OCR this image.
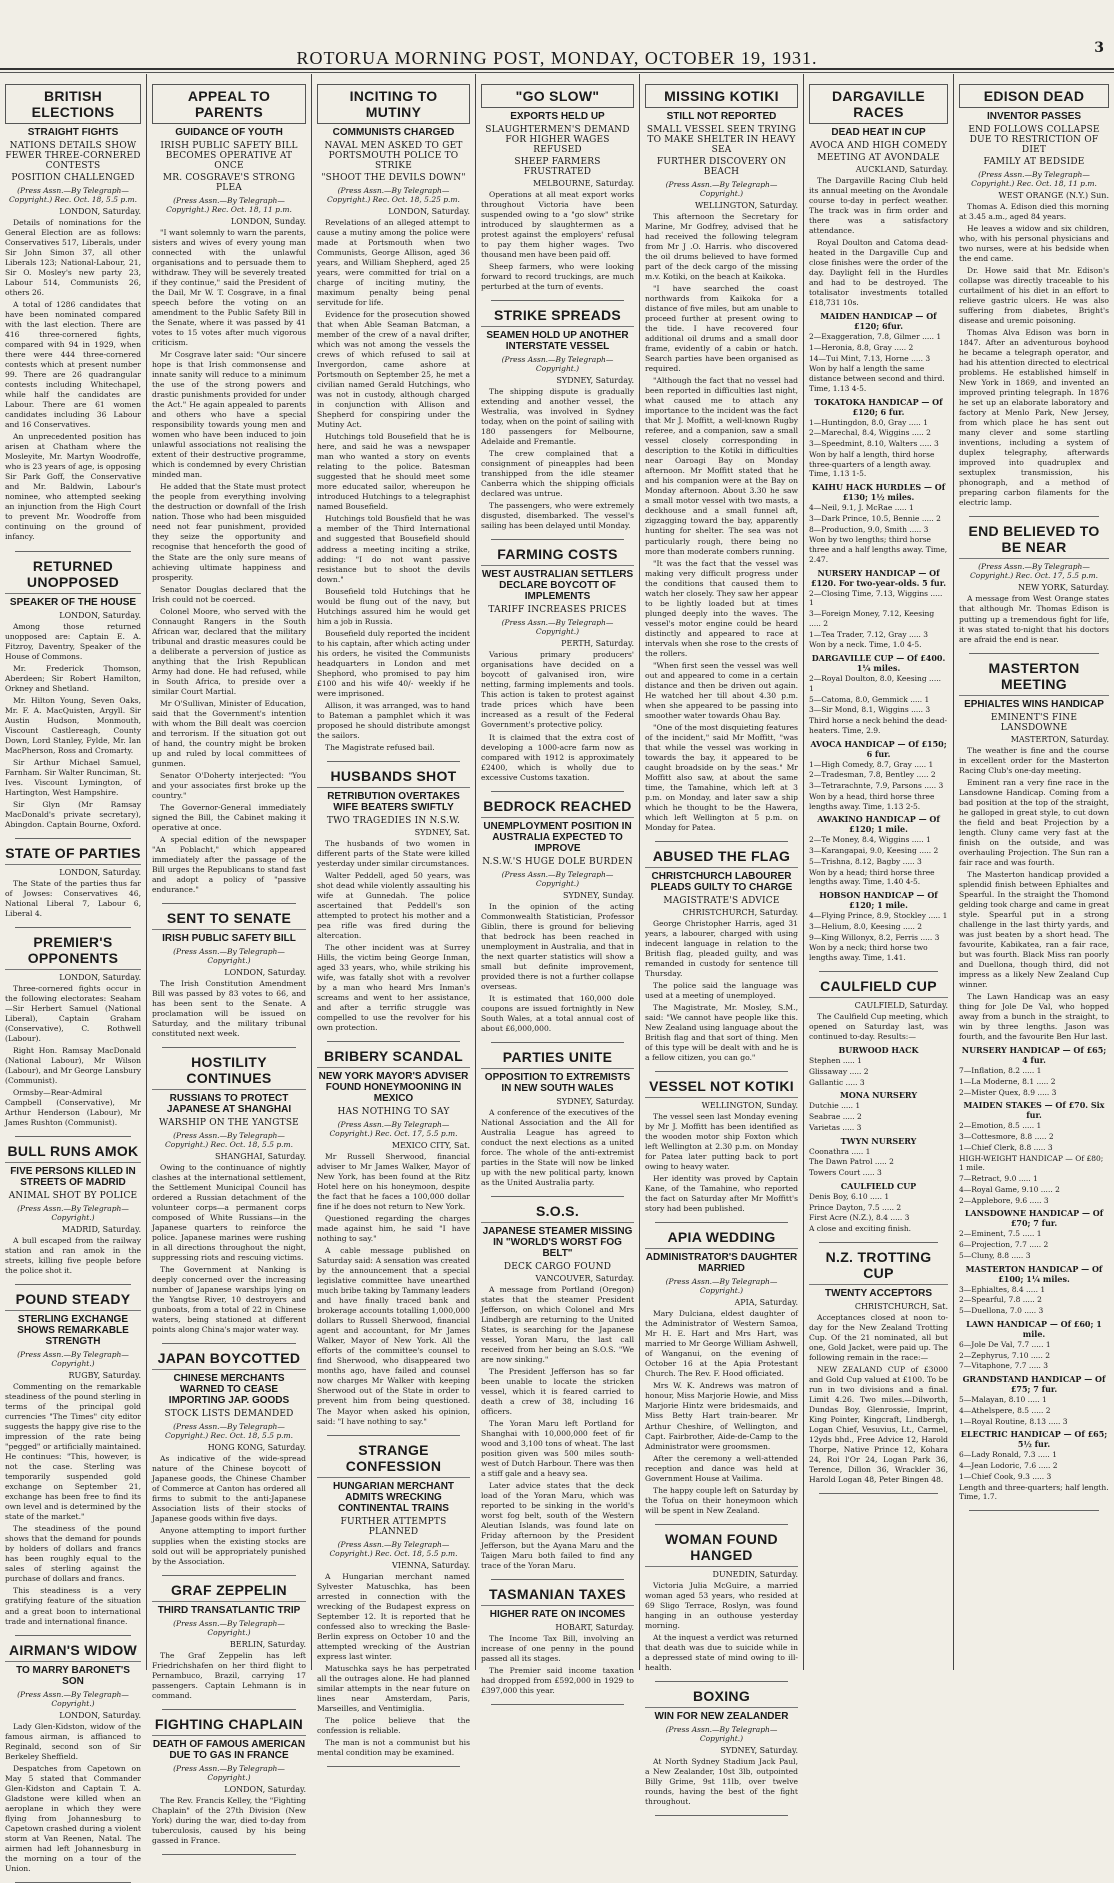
ROTORUA MORNING POST, MONDAY, OCTOBER 19, 1931.	3
BRITISH ELECTIONS
STRAIGHT FIGHTS
NATIONS DETAILS SHOW FEWER THREE-CORNERED CONTESTS
POSITION CHALLENGED
(Press Assn.—By Telegraph—Copyright.) Rec. Oct. 18, 5.5 p.m.
LONDON, Saturday.

Details of nominations for the General Election are as follows: Conservatives 517, Liberals, under Sir John Simon 37, all other Liberals 123; National-Labour, 21, Sir O. Mosley's new party 23, Labour 514, Communists 26, others 26.

A total of 1286 candidates that have been nominated compared with the last election. There are 416 three-cornered fights, compared with 94 in 1929, when there were 444 three-cornered contests which at present number 99. There are 26 quadrangular contests including Whitechapel, while half the candidates are Labour. There are 61 women candidates including 36 Labour and 16 Conservatives.

An unprecedented position has arisen at Chatham where the Mosleyite, Mr. Martyn Woodroffe, who is 23 years of age, is opposing Sir Park Goff, the Conservative and Mr. Baldwin, Labour's nominee, who attempted seeking an injunction from the High Court to prevent Mr. Woodroffe from continuing on the ground of infancy.

RETURNED UNOPPOSED
SPEAKER OF THE HOUSE
LONDON, Saturday.

Among those returned unopposed are: Captain E. A. Fitzroy, Daventry, Speaker of the House of Commons.

Mr. Frederick Thomson, Aberdeen; Sir Robert Hamilton, Orkney and Shetland.

Mr. Hilton Young, Seven Oaks, Mr. F. A. MacQuisten, Argyll. Sir Austin Hudson, Monmouth, Viscount Castlereagh, County Down, Lord Stanley, Fylde, Mr. Ian MacPherson, Ross and Cromarty.

Sir Arthur Michael Samuel, Farnham. Sir Walter Runciman, St. Ives. Viscount Lymington, of Hartington, West Hampshire.

Sir Glyn (Mr Ramsay MacDonald's private secretary), Abingdon. Captain Bourne, Oxford.

STATE OF PARTIES
LONDON, Saturday.

The State of the parties thus far of Jowses: Conservatives 46, National Liberal 7, Labour 6, Liberal 4.

PREMIER'S OPPONENTS
LONDON, Saturday.

Three-cornered fights occur in the following electorates: Seaham—Sir Herbert Samuel (National Liberal), Captain Graham (Conservative), C. Rothwell (Labour).

Right Hon. Ramsay MacDonald (National Labour), Mr Wilson (Labour), and Mr George Lansbury (Communist).

Ormsby—Rear-Admiral Campbell (Conservative), Mr Arthur Henderson (Labour), Mr James Rushton (Communist).

BULL RUNS AMOK
FIVE PERSONS KILLED IN STREETS OF MADRID
ANIMAL SHOT BY POLICE
(Press Assn.—By Telegraph—Copyright.)
MADRID, Saturday.

A bull escaped from the railway station and ran amok in the streets, killing five people before the police shot it.

POUND STEADY
STERLING EXCHANGE SHOWS REMARKABLE STRENGTH
(Press Assn.—By Telegraph—Copyright.)
RUGBY, Saturday.

Commenting on the remarkable steadiness of the pound sterling in terms of the principal gold currencies "The Times" city editor suggests the happy give rise to the impression of the rate being "pegged" or artificially maintained. He continues: "This, however, is not the case. Sterling was temporarily suspended gold exchange on September 21, exchange has been free to find its own level and is determined by the state of the market."

The steadiness of the pound shows that the demand for pounds by holders of dollars and francs has been roughly equal to the sales of sterling against the purchase of dollars and francs.

This steadiness is a very gratifying feature of the situation and a great boon to international trade and international finance.

AIRMAN'S WIDOW
TO MARRY BARONET'S SON
(Press Assn.—By Telegraph—Copyright.)
LONDON, Saturday.

Lady Glen-Kidston, widow of the famous airman, is affianced to Reginald, second son of Sir Berkeley Sheffield.

Despatches from Capetown on May 5 stated that Commander Glen-Kidston and Captain T. A. Gladstone were killed when an aeroplane in which they were flying from Johannesburg to Capetown crashed during a violent storm at Van Reenen, Natal. The airmen had left Johannesburg in the morning on a tour of the Union.

APPEAL TO PARENTS
GUIDANCE OF YOUTH
IRISH PUBLIC SAFETY BILL BECOMES OPERATIVE AT ONCE
MR. COSGRAVE'S STRONG PLEA
(Press Assn.—By Telegraph—Copyright.) Rec. Oct. 18, 11 p.m.
LONDON, Sunday.

"I want solemnly to warn the parents, sisters and wives of every young man connected with the unlawful organisations and to persuade them to withdraw. They will be severely treated if they continue," said the President of the Dail, Mr W. T. Cosgrave, in a final speech before the voting on an amendment to the Public Safety Bill in the Senate, where it was passed by 41 votes to 15 votes after much vigorous criticism.

Mr Cosgrave later said: "Our sincere hope is that Irish commonsense and innate sanity will reduce to a minimum the use of the strong powers and drastic punishments provided for under the Act." He again appealed to parents and others who have a special responsibility towards young men and women who have been induced to join unlawful associations not realising the extent of their destructive programme, which is condemned by every Christian minded man.

He added that the State must protect the people from everything involving the destruction or downfall of the Irish nation. Those who had been misguided need not fear punishment, provided they seize the opportunity and recognise that henceforth the good of the State are the only sure means of achieving ultimate happiness and prosperity.

Senator Douglas declared that the Irish could not be coerced.

Colonel Moore, who served with the Connaught Rangers in the South African war, declared that the military tribunal and drastic measures could be a deliberate a perversion of justice as anything that the Irish Republican Army had done. He had refused, while in South Africa, to preside over a similar Court Martial.

Mr O'Sullivan, Minister of Education, said that the Government's intention with whom the Bill dealt was coercion and terrorism. If the situation got out of hand, the country might be broken up and ruled by local committees of gunmen.

Senator O'Doherty interjected: "You and your associates first broke up the country."

The Governor-General immediately signed the Bill, the Cabinet making it operative at once.

A special edition of the newspaper "An Poblacht," which appeared immediately after the passage of the Bill urges the Republicans to stand fast and adopt a policy of "passive endurance."

SENT TO SENATE
IRISH PUBLIC SAFETY BILL
(Press Assn.—By Telegraph—Copyright.)
LONDON, Saturday.

The Irish Constitution Amendment Bill was passed by 83 votes to 66, and has been sent to the Senate. A proclamation will be issued on Saturday, and the military tribunal constituted next week.

HOSTILITY CONTINUES
RUSSIANS TO PROTECT JAPANESE AT SHANGHAI
WARSHIP ON THE YANGTSE
(Press Assn.—By Telegraph—Copyright.) Rec. Oct. 18, 5.5 p.m.
SHANGHAI, Saturday.

Owing to the continuance of nightly clashes at the international settlement, the Settlement Municipal Council has ordered a Russian detachment of the volunteer corps—a permanent corps composed of White Russians—in the Japanese quarters to reinforce the police. Japanese marines were rushing in all directions throughout the night, suppressing riots and rescuing victims.

The Government at Nanking is deeply concerned over the increasing number of Japanese warships lying on the Yangtse River, 10 destroyers and gunboats, from a total of 22 in Chinese waters, being stationed at different points along China's major water way.

JAPAN BOYCOTTED
CHINESE MERCHANTS WARNED TO CEASE IMPORTING JAP. GOODS
STOCK LISTS DEMANDED
(Press Assn.—By Telegraph—Copyright.) Rec. Oct. 18, 5.5 p.m.
HONG KONG, Saturday.

As indicative of the wide-spread nature of the Chinese boycott of Japanese goods, the Chinese Chamber of Commerce at Canton has ordered all firms to submit to the anti-Japanese Association lists of their stocks of Japanese goods within five days.

Anyone attempting to import further supplies when the existing stocks are sold out will be appropriately punished by the Association.

GRAF ZEPPELIN
THIRD TRANSATLANTIC TRIP
(Press Assn.—By Telegraph—Copyright.)
BERLIN, Saturday.

The Graf Zeppelin has left Friedrichshafen on her third flight to Pernambuco, Brazil, carrying 17 passengers. Captain Lehmann is in command.

FIGHTING CHAPLAIN
DEATH OF FAMOUS AMERICAN DUE TO GAS IN FRANCE
(Press Assn.—By Telegraph—Copyright.)
LONDON, Saturday.

The Rev. Francis Kelley, the "Fighting Chaplain" of the 27th Division (New York) during the war, died to-day from tuberculosis, caused by his being gassed in France.

INCITING TO MUTINY
COMMUNISTS CHARGED
NAVAL MEN ASKED TO GET PORTSMOUTH POLICE TO STRIKE
"SHOOT THE DEVILS DOWN"
(Press Assn.—By Telegraph—Copyright.) Rec. Oct. 18, 5.25 p.m.
LONDON, Saturday.

Revelations of an alleged attempt to cause a mutiny among the police were made at Portsmouth when two Communists, George Allison, aged 36 years, and William Shepherd, aged 25 years, were committed for trial on a charge of inciting mutiny, the maximum penalty being penal servitude for life.

Evidence for the prosecution showed that when Able Seaman Batcman, a member of the crew of a naval drifter, which was not among the vessels the crews of which refused to sail at Invergordon, came ashore at Portsmouth on September 25, he met a civilian named Gerald Hutchings, who was not in custody, although charged in conjunction with Allison and Shepherd for conspiring under the Mutiny Act.

Hutchings told Bousefield that he is here, and said he was a newspaper man who wanted a story on events relating to the police. Batesman suggested that he should meet some more educated sailor, whereupon he introduced Hutchings to a telegraphist named Bousefield.

Hutchings told Bousfield that he was a member of the Third International and suggested that Bousefield should address a meeting inciting a strike, adding: "I do not want passive resistance but to shoot the devils down."

Bousefield told Hutchings that he would be flung out of the navy, but Hutchings assured him he would get him a job in Russia.

Bousefield duly reported the incident to his captain, after which acting under his orders, he visited the Communists headquarters in London and met Shephord, who promised to pay him £100 and his wife 40/- weekly if he were imprisoned.

Allison, it was arranged, was to hand to Bateman a pamphlet which it was proposed he should distribute amongst the sailors.

The Magistrate refused bail.

HUSBANDS SHOT
RETRIBUTION OVERTAKES WIFE BEATERS SWIFTLY
TWO TRAGEDIES IN N.S.W.
SYDNEY, Sat.

The husbands of two women in different parts of the State were killed yesterday under similar circumstances.

Walter Peddell, aged 50 years, was shot dead while violently assaulting his wife at Gunnedah. The police ascertained that Peddell's son attempted to protect his mother and a pea rifle was fired during the altercation.

The other incident was at Surrey Hills, the victim being George Inman, aged 33 years, who, while striking his wife, was fatally shot with a revolver by a man who heard Mrs Inman's screams and went to her assistance, and after a terrific struggle was compelled to use the revolver for his own protection.

BRIBERY SCANDAL
NEW YORK MAYOR'S ADVISER FOUND HONEYMOONING IN MEXICO
HAS NOTHING TO SAY
(Press Assn.—By Telegraph—Copyright.) Rec. Oct. 17, 5.5 p.m.
MEXICO CITY, Sat.

Mr Russell Sherwood, financial adviser to Mr James Walker, Mayor of New York, has been found at the Ritz Hotel here on his honeymoon, despite the fact that he faces a 100,000 dollar fine if he does not return to New York.

Questioned regarding the charges made against him, he said "I have nothing to say."

A cable message published on Saturday said: A sensation was created by the announcement that a special legislative committee have unearthed much bribe taking by Tammany leaders and have finally traced bank and brokerage accounts totalling 1,000,000 dollars to Russell Sherwood, financial agent and accountant, for Mr James Walker, Mayor of New York. All the efforts of the committee's counsel to find Sherwood, who disappeared two months ago, have failed and counsel now charges Mr Walker with keeping Sherwood out of the State in order to prevent him from being questioned. The Mayor when asked his opinion, said: "I have nothing to say."

STRANGE CONFESSION
HUNGARIAN MERCHANT ADMITS WRECKING CONTINENTAL TRAINS
FURTHER ATTEMPTS PLANNED
(Press Assn.—By Telegraph—Copyright.) Rec. Oct. 18, 5.5 p.m.
VIENNA, Saturday.

A Hungarian merchant named Sylvester Matuschka, has been arrested in connection with the wrecking of the Budapest express on September 12. It is reported that he confessed also to wrecking the Basle-Berlin express on October 10 and the attempted wrecking of the Austrian express last winter.

Matuschka says he has perpetrated all the outrages alone. He had planned similar attempts in the near future on lines near Amsterdam, Paris, Marseilles, and Ventimiglia.

The police believe that the confession is reliable.

The man is not a communist but his mental condition may be examined.

"GO SLOW"
EXPORTS HELD UP
SLAUGHTERMEN'S DEMAND FOR HIGHER WAGES REFUSED
SHEEP FARMERS FRUSTRATED
MELBOURNE, Saturday.

Operations at all meat export works throughout Victoria have been suspended owing to a "go slow" strike introduced by slaughtermen as a protest against the employers' refusal to pay them higher wages. Two thousand men have been paid off.

Sheep farmers, who were looking forward to record truckings, are much perturbed at the turn of events.

STRIKE SPREADS
SEAMEN HOLD UP ANOTHER INTERSTATE VESSEL
(Press Assn.—By Telegraph—Copyright.)
SYDNEY, Saturday.

The shipping dispute is gradually extending and another vessel, the Westralia, was involved in Sydney today, when on the point of sailing with 180 passengers for Melbourne, Adelaide and Fremantle.

The crew complained that a consignment of pineapples had been transhipped from the idle steamer Canberra which the shipping officials declared was untrue.

The passengers, who were extremely disgusted, disembarked. The vessel's sailing has been delayed until Monday.

FARMING COSTS
WEST AUSTRALIAN SETTLERS DECLARE BOYCOTT OF IMPLEMENTS
TARIFF INCREASES PRICES
(Press Assn.—By Telegraph—Copyright.)
PERTH, Saturday.

Various primary producers' organisations have decided on a boycott of galvanised iron, wire netting, farming implements and tools. This action is taken to protest against trade prices which have been increased as a result of the Federal Government's protective policy.

It is claimed that the extra cost of developing a 1000-acre farm now as compared with 1912 is approximately £2400, which is wholly due to excessive Customs taxation.

BEDROCK REACHED
UNEMPLOYMENT POSITION IN AUSTRALIA EXPECTED TO IMPROVE
N.S.W.'S HUGE DOLE BURDEN
(Press Assn.—By Telegraph—Copyright.)
SYDNEY, Sunday.

In the opinion of the acting Commonwealth Statistician, Professor Giblin, there is ground for believing that bedrock has been reached in unemployment in Australia, and that in the next quarter statistics will show a small but definite improvement, provided there is not a further collapse overseas.

It is estimated that 160,000 dole coupons are issued fortnightly in New South Wales, at a total annual cost of about £6,000,000.

PARTIES UNITE
OPPOSITION TO EXTREMISTS IN NEW SOUTH WALES
SYDNEY, Saturday.

A conference of the executives of the National Association and the All for Australia League has agreed to conduct the next elections as a united force. The whole of the anti-extremist parties in the State will now be linked up with the new political party, known as the United Australia party.

S.O.S.
JAPANESE STEAMER MISSING IN "WORLD'S WORST FOG BELT"
DECK CARGO FOUND
VANCOUVER, Saturday.

A message from Portland (Oregon) states that the steamer President Jefferson, on which Colonel and Mrs Lindbergh are returning to the United States, is searching for the Japanese vessel, Yoran Maru, the last call received from her being an S.O.S. "We are now sinking."

The President Jefferson has so far been unable to locate the stricken vessel, which it is feared carried to death a crew of 38, including 16 officers.

The Yoran Maru left Portland for Shanghai with 10,000,000 feet of fir wood and 3,100 tons of wheat. The last position given was 500 miles south-west of Dutch Harbour. There was then a stiff gale and a heavy sea.

Later advice states that the deck load of the Yoran Maru, which was reported to be sinking in the world's worst fog belt, south of the Western Aleutian Islands, was found late on Friday afternoon by the President Jefferson, but the Ayana Maru and the Taigen Maru both failed to find any trace of the Yoran Maru.

TASMANIAN TAXES
HIGHER RATE ON INCOMES
HOBART, Saturday.

The Income Tax Bill, involving an increase of one penny in the pound passed all its stages.

The Premier said income taxation had dropped from £592,000 in 1929 to £397,000 this year.

MISSING KOTIKI
STILL NOT REPORTED
SMALL VESSEL SEEN TRYING TO MAKE SHELTER IN HEAVY SEA
FURTHER DISCOVERY ON BEACH
(Press Assn.—By Telegraph—Copyright.)
WELLINGTON, Saturday.

This afternoon the Secretary for Marine, Mr Godfrey, advised that he had received the following telegram from Mr J .O. Harris. who discovered the oil drums believed to have formed part of the deck cargo of the missing m.v. Kotiki, on the beach at Kaikoka.

"I have searched the coast northwards from Kaikoka for a distance of five miles, but am unable to proceed further at present owing to the tide. I have recovered four additional oil drums and a small door frame, evidently of a cabin or hatch. Search parties have been organised as required.

"Although the fact that no vessel had been reported in difficulties last night, what caused me to attach any importance to the incident was the fact that Mr J. Moffitt, a well-known Rugby referee, and a companion, saw a small vessel closely corresponding in description to the Kotiki in difficulties near Oaroagi Bay on Monday afternoon. Mr Moffitt stated that he and his companion were at the Bay on Monday afternoon. About 3.30 he saw a small motor vessel with two masts, a deckhouse and a small funnel aft, zigzagging toward the bay, apparently hunting for shelter. The sea was not particularly rough, there being no more than moderate combers running.

"It was the fact that the vessel was making very difficult progress under the conditions that caused them to watch her closely. They saw her appear to be lightly loaded but at times plunged deeply into the waves. The vessel's motor engine could be heard distinctly and appeared to race at intervals when she rose to the crests of the rollers.

"When first seen the vessel was well out and appeared to come in a certain distance and then be driven out again. He watched her till about 4.30 p.m. when she appeared to be passing into smoother water towards Ohau Bay.

"One of the most disquieting features of the incident," said Mr Moffitt, "was that while the vessel was working in towards the bay, it appeared to be caught broadside on by the seas." Mr Moffitt also saw, at about the same time, the Tamahine, which left at 3 p.m. on Monday, and later saw a ship which he thought to be the Hawera, which left Wellington at 5 p.m. on Monday for Patea.

ABUSED THE FLAG
CHRISTCHURCH LABOURER PLEADS GUILTY TO CHARGE
MAGISTRATE'S ADVICE
CHRISTCHURCH, Saturday.

George Christopher Harris, aged 31 years, a labourer, charged with using indecent language in relation to the British flag, pleaded guilty, and was remanded in custody for sentence till Thursday.

The police said the language was used at a meeting of unemployed.

The Magistrate, Mr. Mosley, S.M., said: "We cannot have people like this. New Zealand using language about the British flag and that sort of thing. Men of this type will be dealt with and he is a fellow citizen, you can go."

VESSEL NOT KOTIKI
WELLINGTON, Sunday.

The vessel seen last Monday evening by Mr J. Moffitt has been identified as the wooden motor ship Foxton which left Wellington at 2.30 p.m. on Monday for Patea later putting back to port owing to heavy water.

Her identity was proved by Captain Kane, of the Tamahine, who reported the fact on Saturday after Mr Moffitt's story had been published.

APIA WEDDING
ADMINISTRATOR'S DAUGHTER MARRIED
(Press Assn.—By Telegraph—Copyright.)
APIA, Saturday.

Mary Dulciana, eldest daughter of the Administrator of Western Samoa, Mr H. E. Hart and Mrs Hart, was married to Mr George William Ashwell, of Wanganui, on the evening of October 16 at the Apia Protestant Church. The Rev. F. Hood officiated.

Mrs W. K. Andrews was matron of honour, Miss Marjorie Howie, and Miss Marjorie Hintz were bridesmaids, and Miss Betty Hart train-bearer. Mr Arthur Cheshire, of Wellington, and Capt. Fairbrother, Aide-de-Camp to the Administrator were groomsmen.

After the ceremony a well-attended reception and dance was held at Government House at Vailima.

The happy couple left on Saturday by the Tofua on their honeymoon which will be spent in New Zealand.

WOMAN FOUND HANGED
DUNEDIN, Saturday.

Victoria Julia McGuire, a married woman aged 53 years, who resided at 69 Sligo Terrace, Roslyn, was found hanging in an outhouse yesterday morning.

At the inquest a verdict was returned that death was due to suicide while in a depressed state of mind owing to ill-health.

BOXING
WIN FOR NEW ZEALANDER
(Press Assn.—By Telegraph—Copyright.)
SYDNEY, Saturday.

At North Sydney Stadium Jack Paul, a New Zealander, 10st 3lb, outpointed Billy Grime, 9st 11lb, over twelve rounds, having the best of the fight throughout.

DARGAVILLE RACES
DEAD HEAT IN CUP
AVOCA AND HIGH COMEDY
MEETING AT AVONDALE
AUCKLAND, Saturday.

The Dargaville Racing Club held its annual meeting on the Avondale course to-day in perfect weather. The track was in firm order and there was a satisfactory attendance.

Royal Doulton and Catoma dead-heated in the Dargaville Cup and close finishes were the order of the day. Daylight fell in the Hurdles and had to be destroyed. The totalisator investments totalled £18,731 10s.

MAIDEN HANDICAP — Of £120; 6fur.
2—Exaggeration, 7.8, Gilmer ..... 1
1—Heronia, 8.8, Gray ..... 2
14—Tui Mint, 7.13, Horne ..... 3
Won by half a length the same distance between second and third. Time, 1.13 4-5.
TOKATOKA HANDICAP — Of £120; 6 fur.
1—Huntingdon, 8.0, Gray ..... 1
2—Marechal, 8.4, Wiggins ..... 2
3—Speedmint, 8.10, Walters ..... 3
Won by half a length, third horse three-quarters of a length away. Time, 1.13 1-5.
KAIHU HACK HURDLES — Of £130; 1½ miles.
4—Neil, 9.1, J. McRae ..... 1
3—Dark Prince, 10.5, Bennie ..... 2
8—Production, 9.0, Smith ..... 3
Won by two lengths; third horse three and a half lengths away. Time, 2.47.
NURSERY HANDICAP — Of £120. For two-year-olds. 5 fur.
2—Closing Time, 7.13, Wiggins ..... 1
3—Foreign Money, 7.12, Keesing ..... 2
1—Tea Trader, 7.12, Gray ..... 3
Won by a neck. Time, 1.0 4-5.
DARGAVILLE CUP — Of £400. 1¼ miles.
2—Royal Doulton, 8.0, Keesing ..... 1
5—Catoma, 8.0, Gemmick ..... 1
3—Sir Mond, 8.1, Wiggins ..... 3
Third horse a neck behind the dead-heaters. Time, 2.9.
AVOCA HANDICAP — Of £150; 6 fur.
1—High Comedy, 8.7, Gray ..... 1
2—Tradesman, 7.8, Bentley ..... 2
3—Tetrarachnte, 7.9, Parsons ..... 3
Won by a head, third horse three lengths away. Time, 1.13 2-5.
AWAKINO HANDICAP — Of £120; 1 mile.
2—Te Money, 8.4, Wiggins ..... 1
3—Karangapai, 9.0, Keesing ..... 2
5—Trishna, 8.12, Bagby ..... 3
Won by a head; third horse three lengths away. Time, 1.40 4-5.
HOBSON HANDICAP — Of £120; 1 mile.
4—Flying Prince, 8.9, Stockley ..... 1
3—Helium, 8.0, Keesing ..... 2
9—King Willonyx, 8.2, Ferris ..... 3
Won by a neck; third horse two lengths away. Time, 1.41.
CAULFIELD CUP
CAULFIELD, Saturday.

The Caulfield Cup meeting, which opened on Saturday last, was continued to-day. Results:—

BURWOOD HACK
Stephen ..... 1
Glissaway ..... 2
Gallantic ..... 3
MONA NURSERY
Dutchie ..... 1
Seabrae ..... 2
Varietas ..... 3
TWYN NURSERY
Coonathra ..... 1
The Dawn Patrol ..... 2
Towers Court ..... 3
CAULFIELD CUP
Denis Boy, 6.10 ..... 1
Prince Dayton, 7.5 ..... 2
First Acre (N.Z.), 8.4 ..... 3
A close and exciting finish.
N.Z. TROTTING CUP
TWENTY ACCEPTORS
CHRISTCHURCH, Sat.

Acceptances closed at noon to-day for the New Zealand Trotting Cup. Of the 21 nominated, all but one, Gold Jacket, were paid up. The following remain in the race:—

NEW ZEALAND CUP of £3000 and Gold Cup valued at £100. To be run in two divisions and a final. Limit 4.26. Two miles.—Dilworth, Dundas Boy, Glenrossie, Imprint, King Pointer, Kingcraft, Lindbergh, Logan Chief, Vesuvius, Lt., Carmel, 12yds bhd., Free Advice 12, Harold Thorpe, Native Prince 12, Kohara 24, Roi l'Or 24, Logan Park 36, Terence, Dillon 36, Wrackler 36, Harold Logan 48, Peter Bingen 48.

EDISON DEAD
INVENTOR PASSES
END FOLLOWS COLLAPSE DUE TO RESTRICTION OF DIET
FAMILY AT BEDSIDE
(Press Assn.—By Telegraph—Copyright.) Rec. Oct. 18, 11 p.m.
WEST ORANGE (N.Y.) Sun.

Thomas A. Edison died this morning at 3.45 a.m., aged 84 years.

He leaves a widow and six children, who, with his personal physicians and two nurses, were at his bedside when the end came.

Dr. Howe said that Mr. Edison's collapse was directly traceable to his curtailment of his diet in an effort to relieve gastric ulcers. He was also suffering from diabetes, Bright's disease and uremic poisoning.

Thomas Alva Edison was born in 1847. After an adventurous boyhood he became a telegraph operator, and had his attention directed to electrical problems. He established himself in New York in 1869, and invented an improved printing telegraph. In 1876 he set up an elaborate laboratory and factory at Menlo Park, New Jersey, from which place he has sent out many clever and some startling inventions, including a system of duplex telegraphy, afterwards improved into quadruplex and sextuplex transmission, his phonograph, and a method of preparing carbon filaments for the electric lamp.

END BELIEVED TO BE NEAR
(Press Assn.—By Telegraph—Copyright.) Rec. Oct. 17, 5.5 p.m.
NEW YORK, Saturday.

A message from West Orange states that although Mr. Thomas Edison is putting up a tremendous fight for life, it was stated to-night that his doctors are afraid the end is near.

MASTERTON MEETING
EPHIALTES WINS HANDICAP
EMINENT'S FINE LANSDOWNE
MASTERTON, Saturday.

The weather is fine and the course in excellent order for the Masterton Racing Club's one-day meeting.

Eminent ran a very fine race in the Lansdowne Handicap. Coming from a bad position at the top of the straight, he galloped in great style, to cut down the field and beat Projection by a length. Cluny came very fast at the finish on the outside, and was overhauling Projection. The Sun ran a fair race and was fourth.

The Masterton handicap provided a splendid finish between Ephialtes and Spearful. In the straight the Thomond gelding took charge and came in great style. Spearful put in a strong challenge in the last thirty yards, and was just beaten by a short head. The favourite, Kabikatea, ran a fair race, but was fourth. Black Miss ran poorly and Duellona, though third, did not impress as a likely New Zealand Cup winner.

The Lawn Handicap was an easy thing for Jole De Val, who hopped away from a bunch in the straight, to win by three lengths. Jason was fourth, and the favourite Ben Hur last.

NURSERY HANDICAP — Of £65; 4 fur.
7—Inflation, 8.2 ..... 1
1—La Moderne, 8.1 ..... 2
2—Mister Quex, 8.9 ..... 3
MAIDEN STAKES — Of £70. Six fur.
2—Emotion, 8.5 ..... 1
3—Cottesmore, 8.8 ..... 2
1—Chief Clerk, 8.8 ..... 3
HIGH-WEIGHT HANDICAP — Of £80; 1 mile.
7—Retract, 9.0 ..... 1
4—Royal Game, 9.10 ..... 2
2—Applebore, 9.6 ..... 3
LANSDOWNE HANDICAP — Of £70; 7 fur.
2—Eminent, 7.5 ..... 1
6—Projection, 7.7 ..... 2
5—Cluny, 8.8 ..... 3
MASTERTON HANDICAP — Of £100; 1¼ miles.
3—Ephialtes, 8.4 ..... 1
2—Spearful, 7.8 ..... 2
5—Duellona, 7.0 ..... 3
LAWN HANDICAP — Of £60; 1 mile.
6—Jole De Val, 7.7 ..... 1
2—Zephyrus, 7.10 ..... 2
7—Vitaphone, 7.7 ..... 3
GRANDSTAND HANDICAP — Of £75; 7 fur.
5—Malayan, 8.10 ..... 1
4—Athelspere, 8.5 ..... 2
1—Royal Routine, 8.13 ..... 3
ELECTRIC HANDICAP — Of £65; 5½ fur.
6—Lady Ronald, 7.3 ..... 1
4—Jean Lodoric, 7.6 ..... 2
1—Chief Cook, 9.3 ..... 3
Length and three-quarters; half length. Time, 1.7.
